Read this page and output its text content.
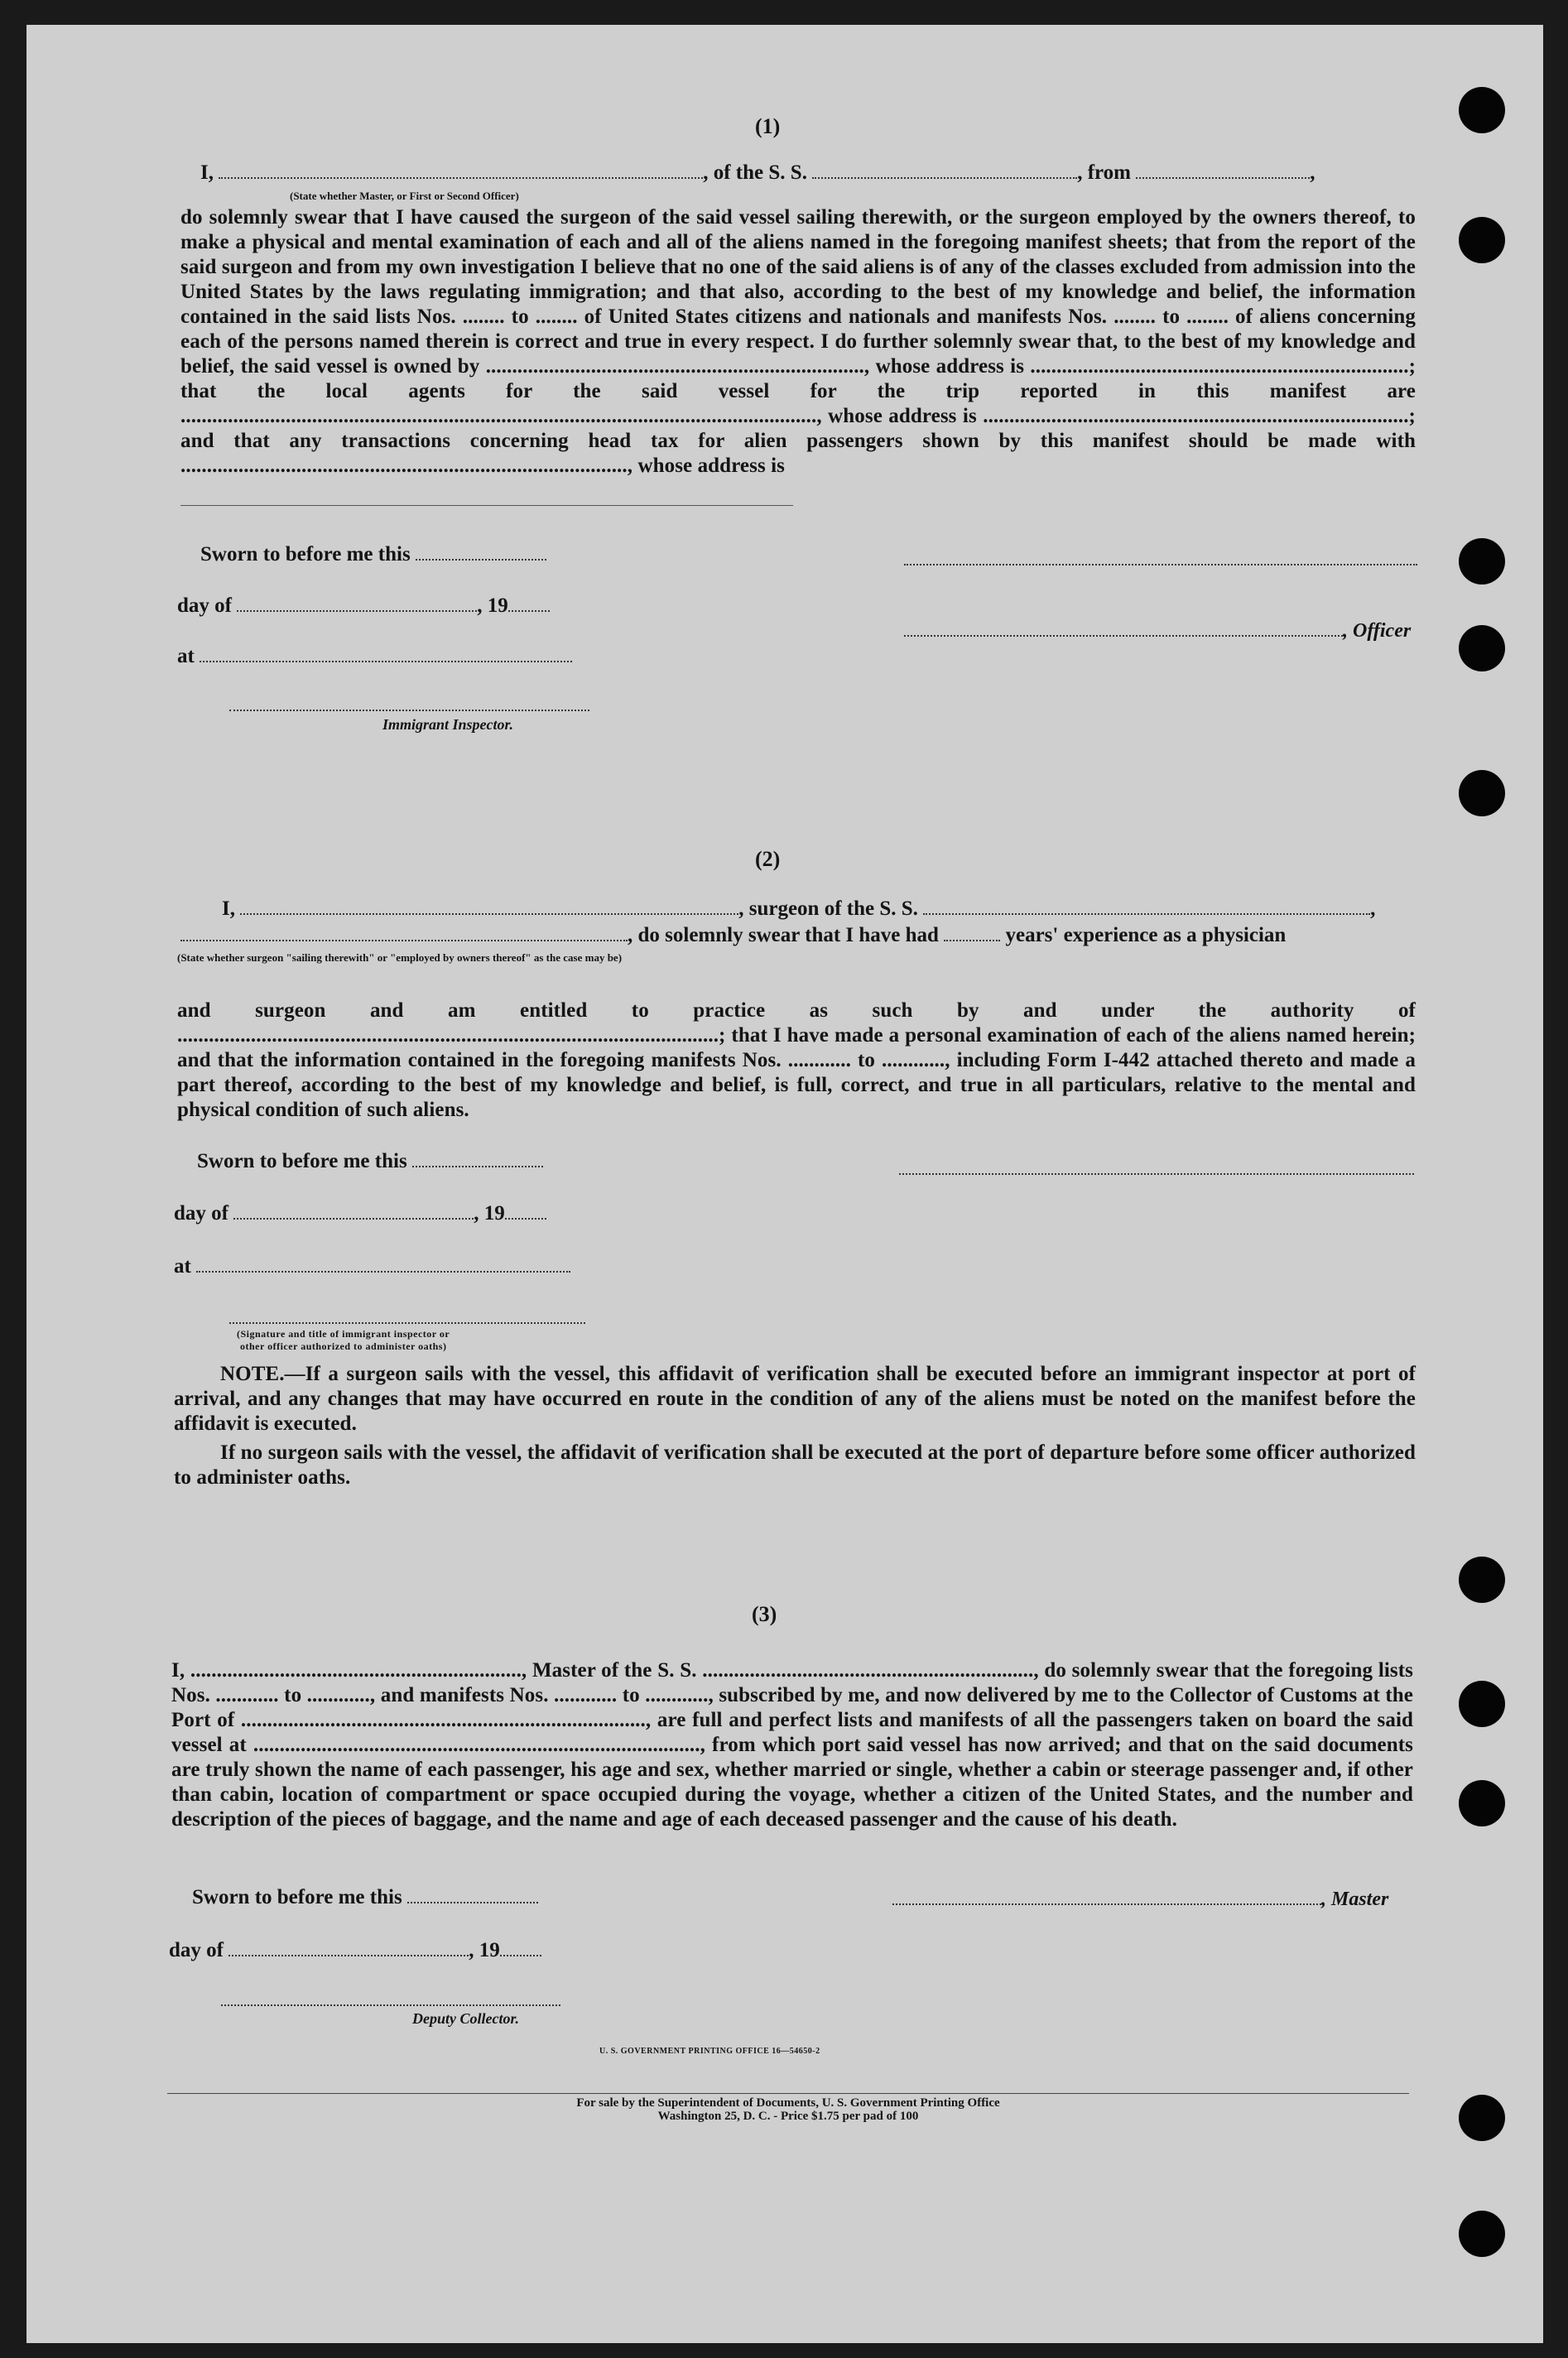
(1)
I,	, of the S. S.	, from	,
(State whether Master, or First or Second Officer)
do solemnly swear that I have caused the surgeon of the said vessel sailing therewith, or the surgeon employed by the owners thereof, to make a physical and mental examination of each and all of the aliens named in the foregoing manifest sheets; that from the report of the said surgeon and from my own investigation I believe that no one of the said aliens is of any of the classes excluded from admission into the United States by the laws regulating immigration; and that also, according to the best of my knowledge and belief, the information contained in the said lists Nos. ........ to ........ of United States citizens and nationals and manifests Nos. ........ to ........ of aliens concerning each of the persons named therein is correct and true in every respect. I do further solemnly swear that, to the best of my knowledge and belief, the said vessel is owned by ........................................................................, whose address is ........................................................................; that the local agents for the said vessel for the trip reported in this manifest are ........................................................................................................................., whose address is .................................................................................; and that any transactions concerning head tax for alien passengers shown by this manifest should be made with ....................................................................................., whose address is
Sworn to before me this
day of	, 19
, Officer
at
Immigrant Inspector.
(2)
I,	, surgeon of the S. S.	,
, do solemnly swear that I have had	years' experience as a physician
(State whether surgeon "sailing therewith" or "employed by owners thereof" as the case may be)
and surgeon and am entitled to practice as such by and under the authority of .......................................................................................................; that I have made a personal examination of each of the aliens named herein; and that the information contained in the foregoing manifests Nos. ............ to ............, including Form I-442 attached thereto and made a part thereof, according to the best of my knowledge and belief, is full, correct, and true in all particulars, relative to the mental and physical condition of such aliens.
Sworn to before me this
day of	, 19
at
(Signature and title of immigrant inspector or
other officer authorized to administer oaths)
NOTE.—If a surgeon sails with the vessel, this affidavit of verification shall be executed before an immigrant inspector at port of arrival, and any changes that may have occurred en route in the condition of any of the aliens must be noted on the manifest before the affidavit is executed.
If no surgeon sails with the vessel, the affidavit of verification shall be executed at the port of departure before some officer authorized to administer oaths.
(3)
I, ..............................................................., Master of the S. S. ..............................................................., do solemnly swear that the foregoing lists Nos. ............ to ............, and manifests Nos. ............ to ............, subscribed by me, and now delivered by me to the Collector of Customs at the Port of ............................................................................., are full and perfect lists and manifests of all the passengers taken on board the said vessel at ....................................................................................., from which port said vessel has now arrived; and that on the said documents are truly shown the name of each passenger, his age and sex, whether married or single, whether a cabin or steerage passenger and, if other than cabin, location of compartment or space occupied during the voyage, whether a citizen of the United States, and the number and description of the pieces of baggage, and the name and age of each deceased passenger and the cause of his death.
Sworn to before me this	, Master
day of	, 19
Deputy Collector.
U. S. GOVERNMENT PRINTING OFFICE 16—54650-2
For sale by the Superintendent of Documents, U. S. Government Printing Office
Washington 25, D. C. - Price $1.75 per pad of 100
